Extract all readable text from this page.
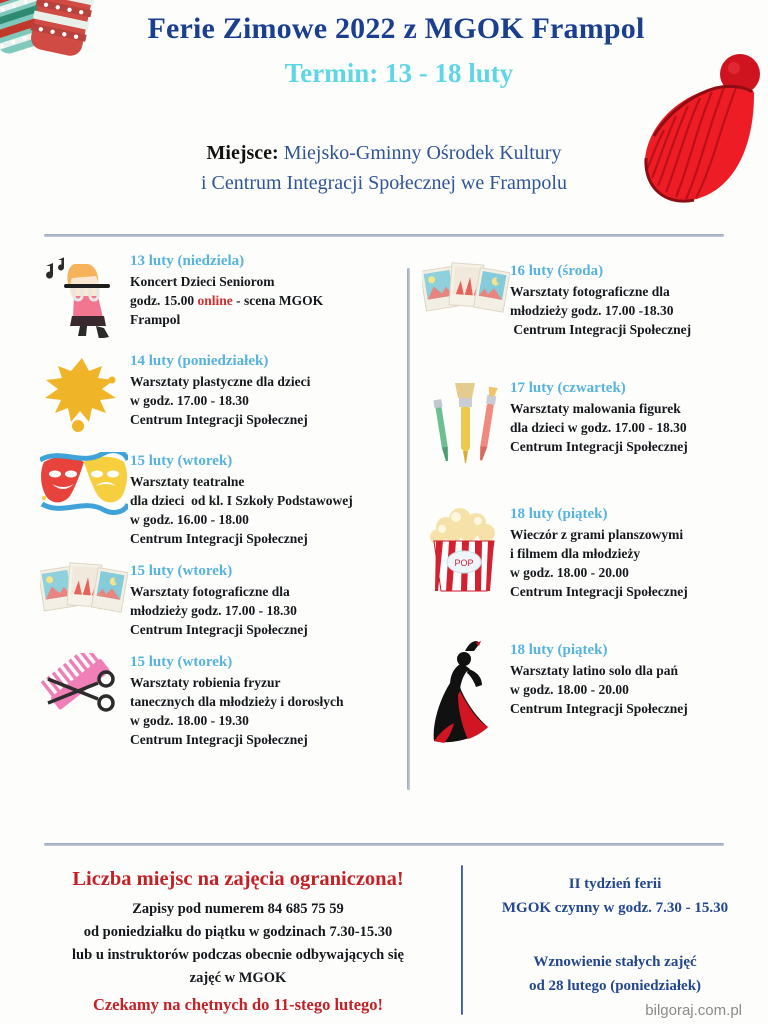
Ferie Zimowe 2022 z MGOK Frampol
Termin: 13 - 18 luty
Miejsce: Miejsko-Gminny Ośrodek Kultury
i Centrum Integracji Społecznej we Frampolu
13 luty (niedziela)
Koncert Dzieci Seniorom
godz. 15.00 online - scena MGOK
Frampol
14 luty (poniedziałek)
Warsztaty plastyczne dla dzieci
w godz. 17.00 - 18.30
Centrum Integracji Społecznej
15 luty (wtorek)
Warsztaty teatralne
dla dzieci  od kl. I Szkoły Podstawowej
w godz. 16.00 - 18.00
Centrum Integracji Społecznej
15 luty (wtorek)
Warsztaty fotograficzne dla
młodzieży godz. 17.00 - 18.30
Centrum Integracji Społecznej
15 luty (wtorek)
Warsztaty robienia fryzur
tanecznych dla młodzieży i dorosłych
w godz. 18.00 - 19.30
Centrum Integracji Społecznej
16 luty (środa)
Warsztaty fotograficzne dla
młodzieży godz. 17.00 -18.30
Centrum Integracji Społecznej
17 luty (czwartek)
Warsztaty malowania figurek
dla dzieci w godz. 17.00 - 18.30
Centrum Integracji Społecznej
POP
18 luty (piątek)
Wieczór z grami planszowymi
i filmem dla młodzieży
w godz. 18.00 - 20.00
Centrum Integracji Społecznej
18 luty (piątek)
Warsztaty latino solo dla pań
w godz. 18.00 - 20.00
Centrum Integracji Społecznej
Liczba miejsc na zajęcia ograniczona!
Zapisy pod numerem 84 685 75 59
od poniedziałku do piątku w godzinach 7.30-15.30
lub u instruktorów podczas obecnie odbywających się
zajęć w MGOK
Czekamy na chętnych do 11-stego lutego!
II tydzień ferii
MGOK czynny w godz. 7.30 - 15.30
Wznowienie stałych zajęć
od 28 lutego (poniedziałek)
bilgoraj.com.pl
